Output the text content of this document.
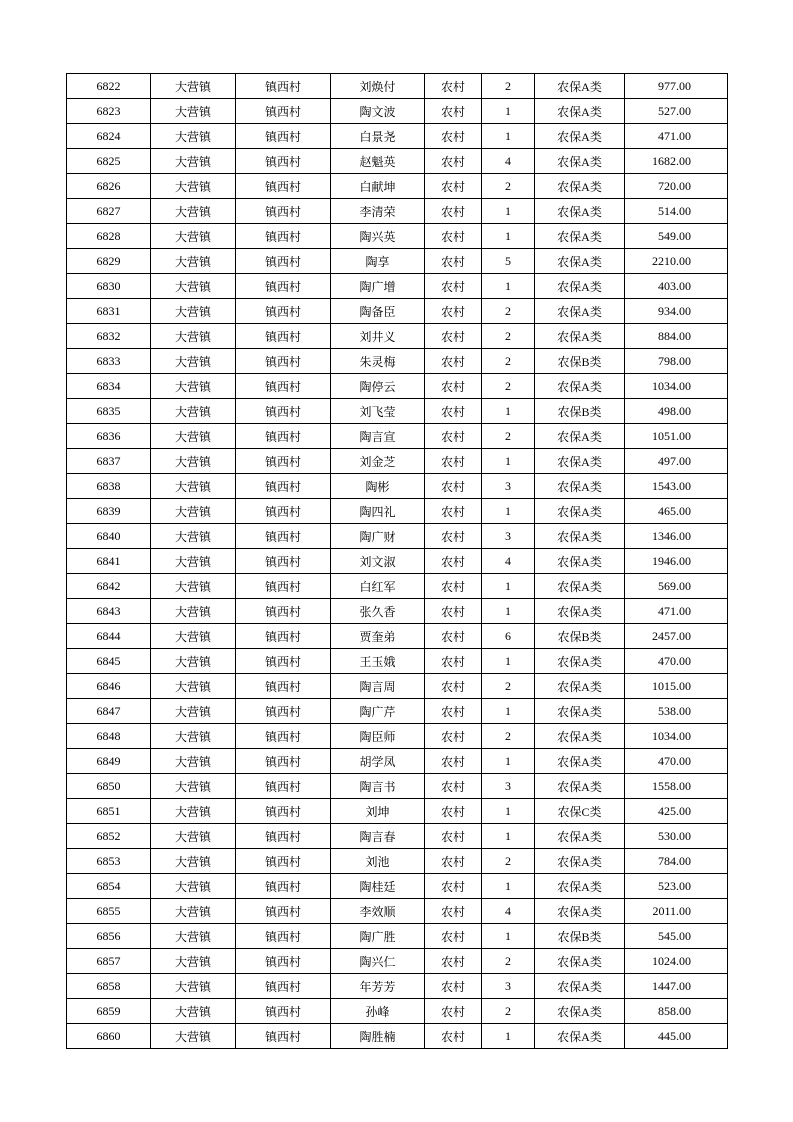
6822	大营镇	镇西村	刘焕付	农村	2	农保A类	977.00
6823	大营镇	镇西村	陶文波	农村	1	农保A类	527.00
6824	大营镇	镇西村	白景尧	农村	1	农保A类	471.00
6825	大营镇	镇西村	赵魁英	农村	4	农保A类	1682.00
6826	大营镇	镇西村	白献坤	农村	2	农保A类	720.00
6827	大营镇	镇西村	李清荣	农村	1	农保A类	514.00
6828	大营镇	镇西村	陶兴英	农村	1	农保A类	549.00
6829	大营镇	镇西村	陶享	农村	5	农保A类	2210.00
6830	大营镇	镇西村	陶广增	农村	1	农保A类	403.00
6831	大营镇	镇西村	陶备臣	农村	2	农保A类	934.00
6832	大营镇	镇西村	刘井义	农村	2	农保A类	884.00
6833	大营镇	镇西村	朱灵梅	农村	2	农保B类	798.00
6834	大营镇	镇西村	陶停云	农村	2	农保A类	1034.00
6835	大营镇	镇西村	刘飞莹	农村	1	农保B类	498.00
6836	大营镇	镇西村	陶言宣	农村	2	农保A类	1051.00
6837	大营镇	镇西村	刘金芝	农村	1	农保A类	497.00
6838	大营镇	镇西村	陶彬	农村	3	农保A类	1543.00
6839	大营镇	镇西村	陶四礼	农村	1	农保A类	465.00
6840	大营镇	镇西村	陶广财	农村	3	农保A类	1346.00
6841	大营镇	镇西村	刘文淑	农村	4	农保A类	1946.00
6842	大营镇	镇西村	白红军	农村	1	农保A类	569.00
6843	大营镇	镇西村	张久香	农村	1	农保A类	471.00
6844	大营镇	镇西村	贾奎弟	农村	6	农保B类	2457.00
6845	大营镇	镇西村	王玉娥	农村	1	农保A类	470.00
6846	大营镇	镇西村	陶言周	农村	2	农保A类	1015.00
6847	大营镇	镇西村	陶广芹	农村	1	农保A类	538.00
6848	大营镇	镇西村	陶臣师	农村	2	农保A类	1034.00
6849	大营镇	镇西村	胡学凤	农村	1	农保A类	470.00
6850	大营镇	镇西村	陶言书	农村	3	农保A类	1558.00
6851	大营镇	镇西村	刘坤	农村	1	农保C类	425.00
6852	大营镇	镇西村	陶言春	农村	1	农保A类	530.00
6853	大营镇	镇西村	刘池	农村	2	农保A类	784.00
6854	大营镇	镇西村	陶桂廷	农村	1	农保A类	523.00
6855	大营镇	镇西村	李效顺	农村	4	农保A类	2011.00
6856	大营镇	镇西村	陶广胜	农村	1	农保B类	545.00
6857	大营镇	镇西村	陶兴仁	农村	2	农保A类	1024.00
6858	大营镇	镇西村	年芳芳	农村	3	农保A类	1447.00
6859	大营镇	镇西村	孙峰	农村	2	农保A类	858.00
6860	大营镇	镇西村	陶胜楠	农村	1	农保A类	445.00
